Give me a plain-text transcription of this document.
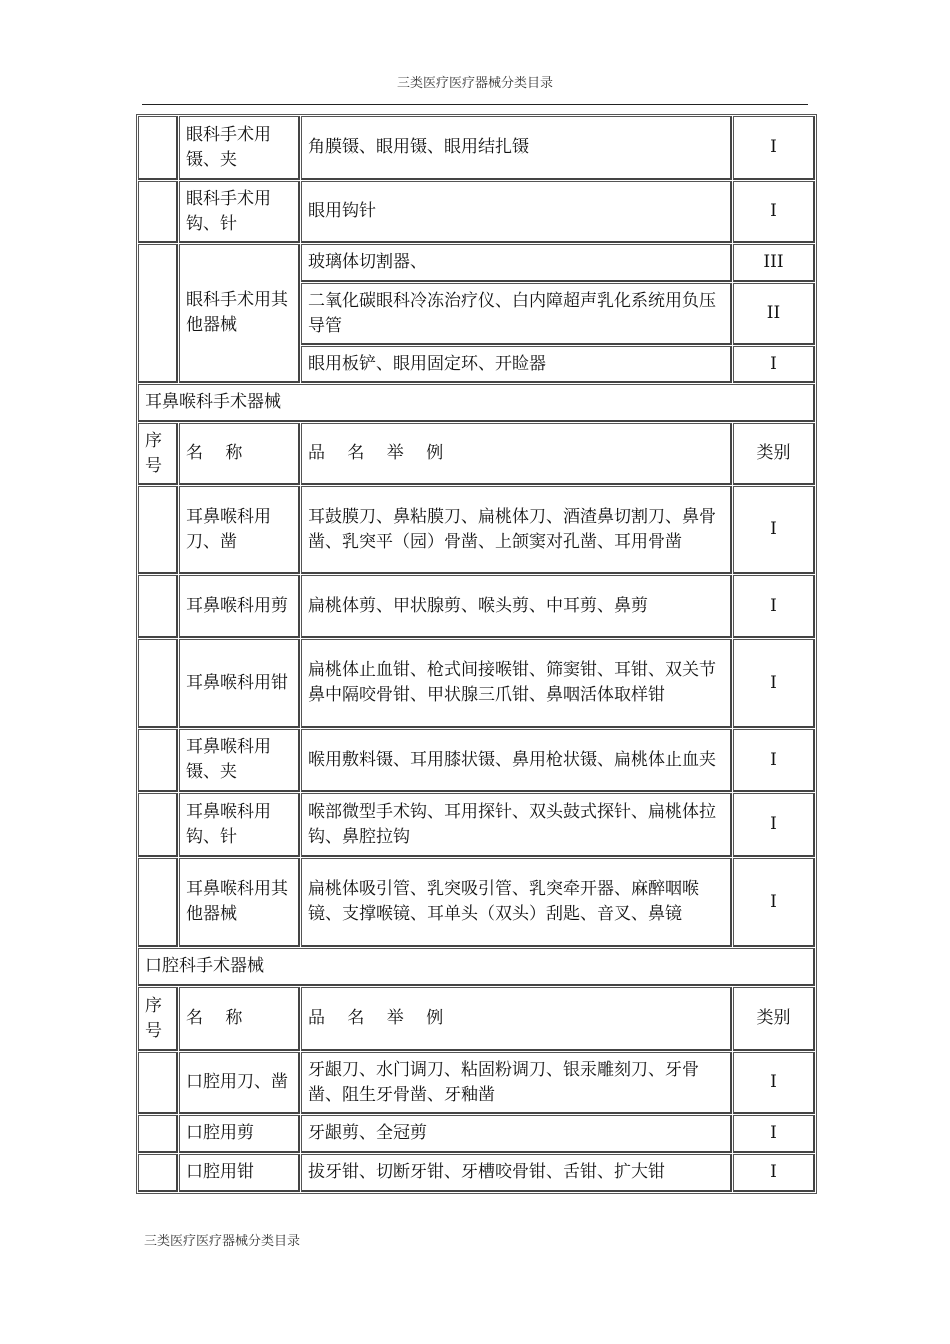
三类医疗医疗器械分类目录
	眼科手术用镊、夹	角膜镊、眼用镊、眼用结扎镊	I
	眼科手术用钩、针	眼用钩针	I
	眼科手术用其他器械	玻璃体切割器、	III
		二氧化碳眼科冷冻治疗仪、白内障超声乳化系统用负压导管	II
		眼用板铲、眼用固定环、开睑器	I
耳鼻喉科手术器械			
序号	名 称	品 名 举 例	类别
	耳鼻喉科用刀、凿	耳鼓膜刀、鼻粘膜刀、扁桃体刀、酒渣鼻切割刀、鼻骨凿、乳突平（园）骨凿、上颌窦对孔凿、耳用骨凿	I
	耳鼻喉科用剪	扁桃体剪、甲状腺剪、喉头剪、中耳剪、鼻剪	I
	耳鼻喉科用钳	扁桃体止血钳、枪式间接喉钳、筛窦钳、耳钳、双关节鼻中隔咬骨钳、甲状腺三爪钳、鼻咽活体取样钳	I
	耳鼻喉科用镊、夹	喉用敷料镊、耳用膝状镊、鼻用枪状镊、扁桃体止血夹	I
	耳鼻喉科用钩、针	喉部微型手术钩、耳用探针、双头鼓式探针、扁桃体拉钩、鼻腔拉钩	I
	耳鼻喉科用其他器械	扁桃体吸引管、乳突吸引管、乳突牵开器、麻醉咽喉镜、支撑喉镜、耳单头（双头）刮匙、音叉、鼻镜	I
口腔科手术器械			
序号	名 称	品 名 举 例	类别
	口腔用刀、凿	牙龈刀、水门调刀、粘固粉调刀、银汞雕刻刀、牙骨凿、阻生牙骨凿、牙釉凿	I
	口腔用剪	牙龈剪、全冠剪	I
	口腔用钳	拔牙钳、切断牙钳、牙槽咬骨钳、舌钳、扩大钳	I
三类医疗医疗器械分类目录
